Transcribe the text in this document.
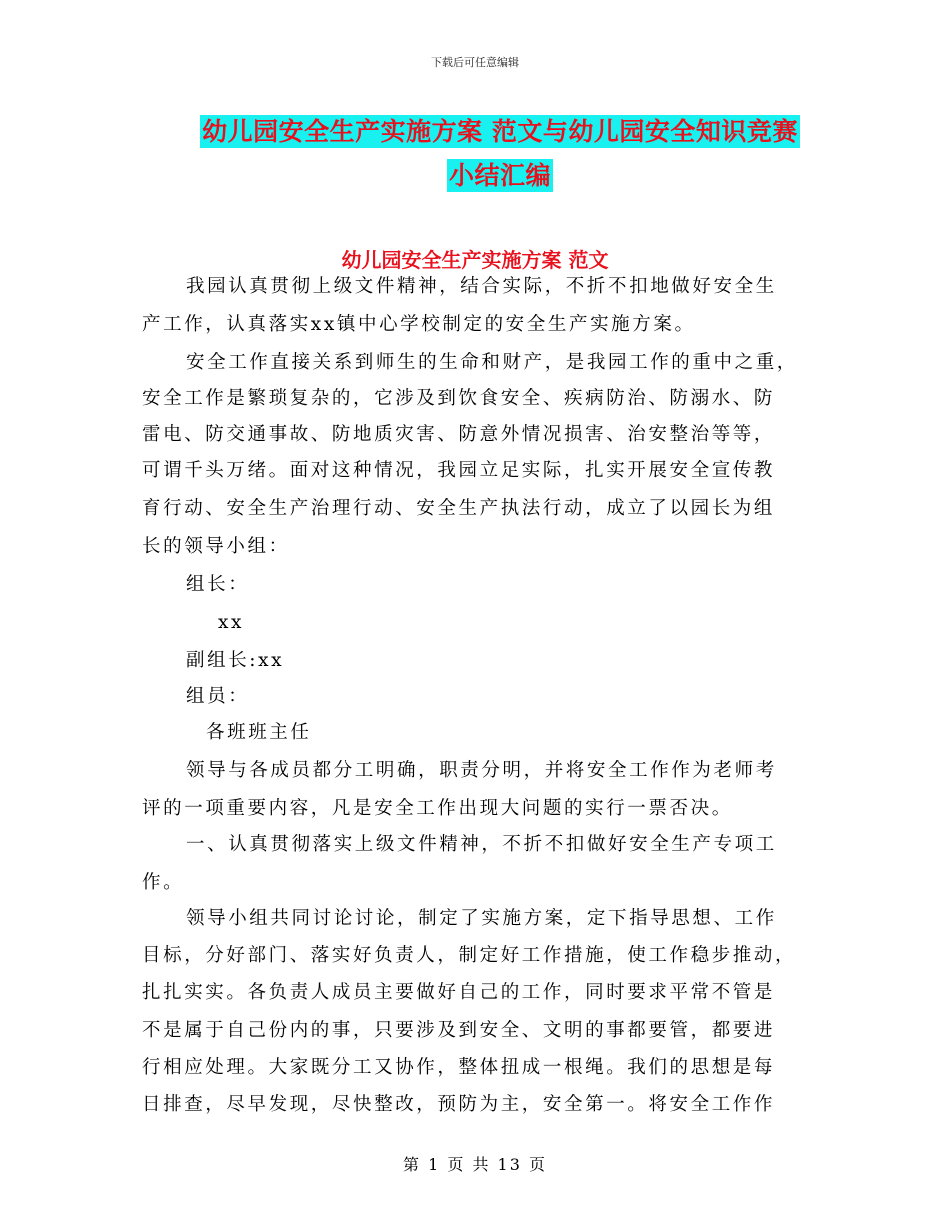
下载后可任意编辑
幼儿园安全生产实施方案 范文与幼儿园安全知识竞赛
小结汇编
幼儿园安全生产实施方案 范文
我园认真贯彻上级文件精神，结合实际，不折不扣地做好安全生
产工作，认真落实xx镇中心学校制定的安全生产实施方案。
安全工作直接关系到师生的生命和财产，是我园工作的重中之重，
安全工作是繁琐复杂的，它涉及到饮食安全、疾病防治、防溺水、防
雷电、防交通事故、防地质灾害、防意外情况损害、治安整治等等，
可谓千头万绪。面对这种情况，我园立足实际，扎实开展安全宣传教
育行动、安全生产治理行动、安全生产执法行动，成立了以园长为组
长的领导小组：
组长：
xx
副组长:xx
组员：
各班班主任
领导与各成员都分工明确，职责分明，并将安全工作作为老师考
评的一项重要内容，凡是安全工作出现大问题的实行一票否决。
一、认真贯彻落实上级文件精神，不折不扣做好安全生产专项工
作。
领导小组共同讨论讨论，制定了实施方案，定下指导思想、工作
目标，分好部门、落实好负责人，制定好工作措施，使工作稳步推动，
扎扎实实。各负责人成员主要做好自己的工作，同时要求平常不管是
不是属于自己份内的事，只要涉及到安全、文明的事都要管，都要进
行相应处理。大家既分工又协作，整体扭成一根绳。我们的思想是每
日排查，尽早发现，尽快整改，预防为主，安全第一。将安全工作作
第 1 页 共 13 页
